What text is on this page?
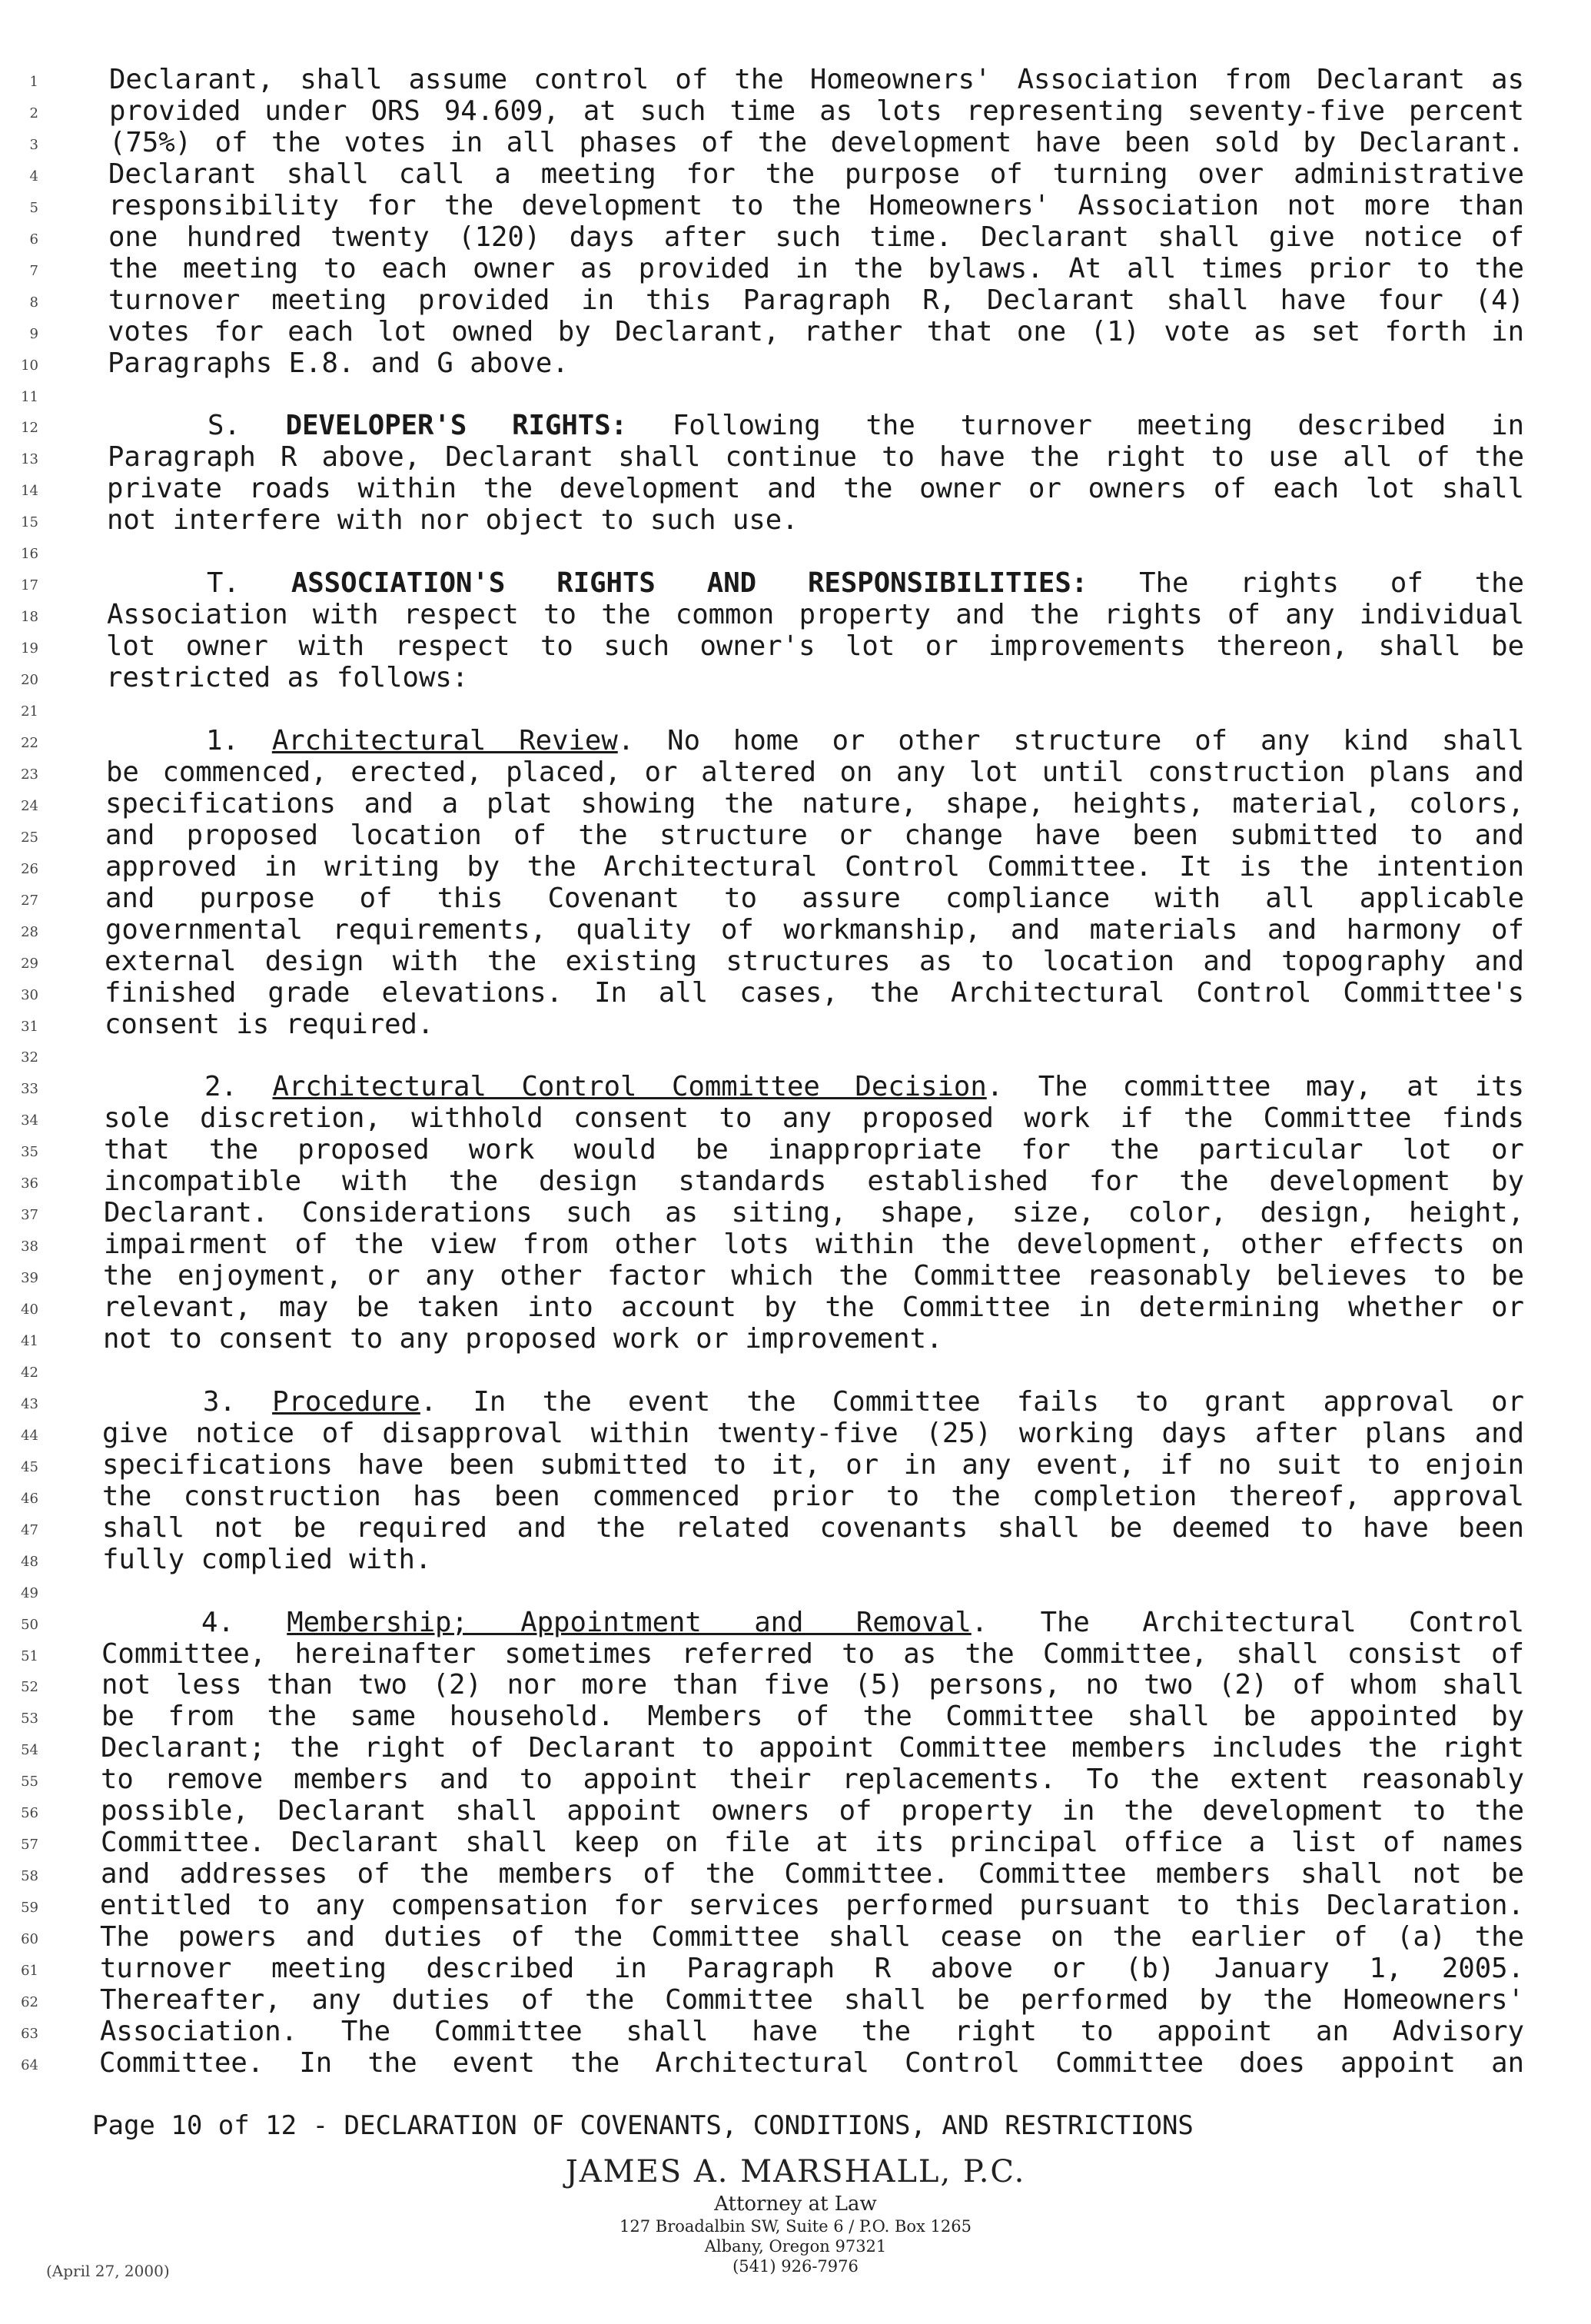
1	Declarant, shall assume control of the Homeowners' Association from Declarant as
2	provided under ORS 94.609, at such time as lots representing seventy-five percent
3	(75%) of the votes in all phases of the development have been sold by Declarant.
4	Declarant shall call a meeting for the purpose of turning over administrative
5	responsibility for the development to the Homeowners' Association not more than
6	one hundred twenty (120) days after such time. Declarant shall give notice of
7	the meeting to each owner as provided in the bylaws. At all times prior to the
8	turnover meeting provided in this Paragraph R, Declarant shall have four (4)
9	votes for each lot owned by Declarant, rather that one (1) vote as set forth in
10	Paragraphs E.8. and G above.
11
12	S. DEVELOPER'S RIGHTS: Following the turnover meeting described in
13	Paragraph R above, Declarant shall continue to have the right to use all of the
14	private roads within the development and the owner or owners of each lot shall
15	not interfere with nor object to such use.
16
17	T. ASSOCIATION'S RIGHTS AND RESPONSIBILITIES: The rights of the
18	Association with respect to the common property and the rights of any individual
19 lot owner with respect to such owner's lot or improvements thereon, shall be
20 restricted as follows:
21
22	1. Architectural Review. No home or other structure of any kind shall
23 be commenced, erected, placed, or altered on any lot until construction plans and
24 specifications and a plat showing the nature, shape, heights, material, colors,
25 and proposed location of the structure or change have been submitted to and
26 approved in writing by the Architectural Control Committee. It is the intention
27 and purpose of this Covenant to assure compliance with all applicable
28 governmental requirements, quality of workmanship, and materials and harmony of
29 external design with the existing structures as to location and topography and
30 finished grade elevations. In all cases, the Architectural Control Committee's
31 consent is required.
32
33	2. Architectural Control Committee Decision. The committee may, at its
34 sole discretion, withhold consent to any proposed work if the Committee finds
35 that the proposed work would be inappropriate for the particular lot or
36 incompatible with the design standards established for the development by
37 Declarant. Considerations such as siting, shape, size, color, design, height,
38 impairment of the view from other lots within the development, other effects on
39 the enjoyment, or any other factor which the Committee reasonably believes to be
40 relevant, may be taken into account by the Committee in determining whether or
41 not to consent to any proposed work or improvement.
42
43	3. Procedure. In the event the Committee fails to grant approval or
44 give notice of disapproval within twenty-five (25) working days after plans and
45 specifications have been submitted to it, or in any event, if no suit to enjoin
46 the construction has been commenced prior to the completion thereof, approval
47 shall not be required and the related covenants shall be deemed to have been
48 fully complied with.
49
50	4. Membership; Appointment and Removal. The Architectural Control
51 Committee, hereinafter sometimes referred to as the Committee, shall consist of
52 not less than two (2) nor more than five (5) persons, no two (2) of whom shall
53 be from the same household. Members of the Committee shall be appointed by
54 Declarant; the right of Declarant to appoint Committee members includes the right
55 to remove members and to appoint their replacements. To the extent reasonably
56 possible, Declarant shall appoint owners of property in the development to the
57 Committee. Declarant shall keep on file at its principal office a list of names
58 and addresses of the members of the Committee. Committee members shall not be
59 entitled to any compensation for services performed pursuant to this Declaration.
60 The powers and duties of the Committee shall cease on the earlier of (a) the
61 turnover meeting described in Paragraph R above or (b) January 1, 2005.
62 Thereafter, any duties of the Committee shall be performed by the Homeowners'
63 Association. The Committee shall have the right to appoint an Advisory
64 Committee. In the event the Architectural Control Committee does appoint an
Page 10 of 12 - DECLARATION OF COVENANTS, CONDITIONS, AND RESTRICTIONS
JAMES A. MARSHALL, P.C.
Attorney at Law
127 Broadalbin SW, Suite 6 / P.O. Box 1265
Albany, Oregon 97321
(541) 926-7976
(April 27, 2000)
